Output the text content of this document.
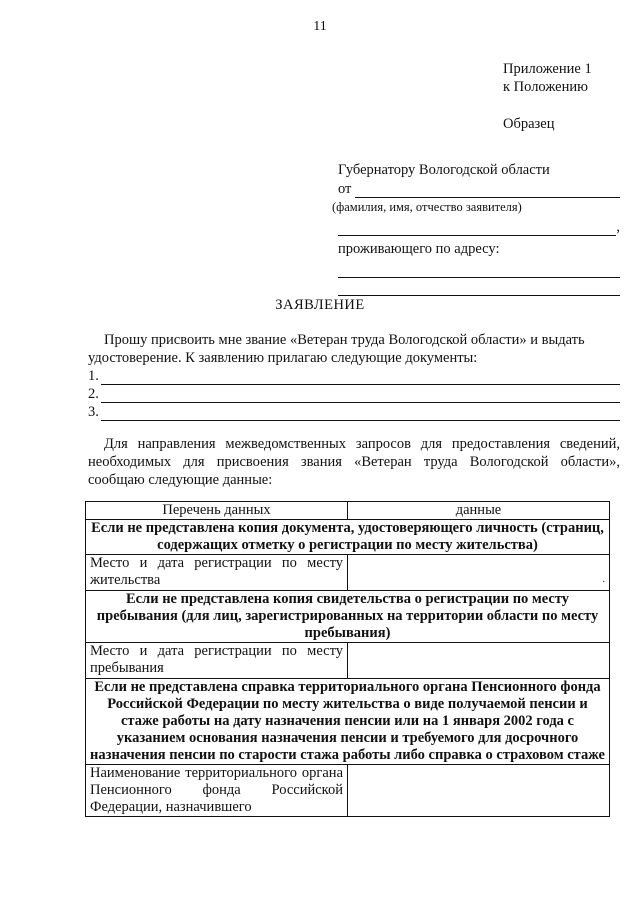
11
Приложение 1
к Положению
Образец
Губернатору Вологодской области
от
(фамилия, имя, отчество заявителя)
,
проживающего по адресу:
ЗАЯВЛЕНИЕ

Прошу присвоить мне звание «Ветеран труда Вологодской области» и выдать

удостоверение. К заявлению прилагаю следующие документы:

1.
2.
3.

Для направления межведомственных запросов для предоставления сведений, необходимых для присвоения звания «Ветеран труда Вологодской области», сообщаю следующие данные:

Перечень данных	данные
Если не представлена копия документа, удостоверяющего личность (страниц, содержащих отметку о регистрации по месту жительства)	
Место и дата регистрации по месту жительства	.

Если не представлена копия свидетельства о регистрации по месту пребывания (для лиц, зарегистрированных на территории области по месту пребывания)	
Место и дата регистрации по месту пребывания	
Если не представлена справка территориального органа Пенсионного фонда Российской Федерации по месту жительства о виде получаемой пенсии и стаже работы на дату назначения пенсии или на 1 января 2002 года с указанием основания назначения пенсии и требуемого для досрочного назначения пенсии по старости стажа работы либо справка о страховом стаже	
Наименование территориального органа Пенсионного фонда Российской Федерации, назначившего	
